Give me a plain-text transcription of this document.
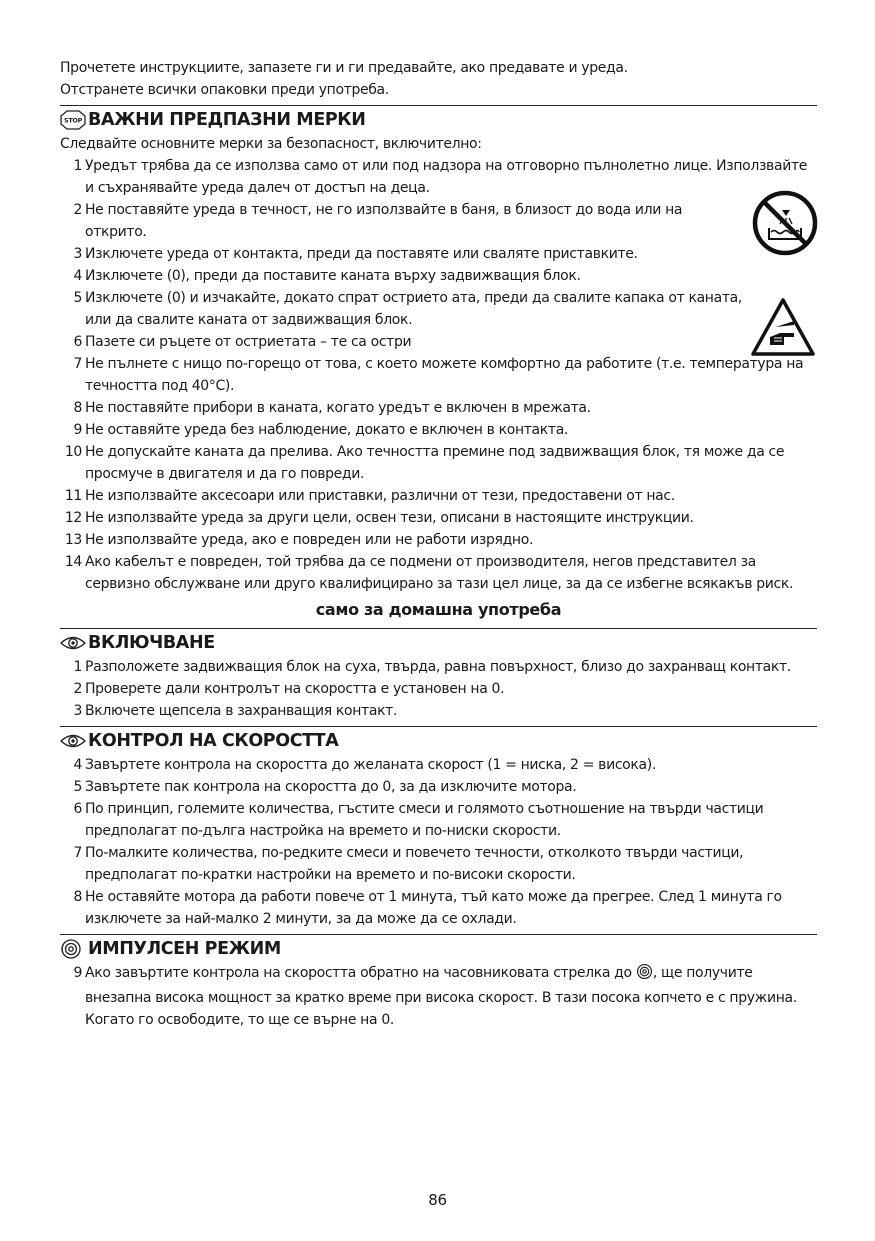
Прочетете инструкциите, запазете ги и ги предавайте, ако предавате и уреда.

Отстранете всички опаковки преди употреба.

STOP ВАЖНИ ПРЕДПАЗНИ МЕРКИ
Следвайте основните мерки за безопасност, включително:
1 Уредът трябва да се използва само от или под надзора на отговорно пълнолетно лице. Използвайте и съхранявайте уреда далеч от достъп на деца.
2 Не поставяйте уреда в течност, не го използвайте в баня, в близост до вода или на открито.
3 Изключете уреда от контакта, преди да поставяте или сваляте приставките.
4 Изключете (0), преди да поставите каната върху задвижващия блок.
5 Изключете (0) и изчакайте, докато спрат острието ата, преди да свалите капака от каната, или да свалите каната от задвижващия блок.
6 Пазете си ръцете от остриетата – те са остри
7 Не пълнете с нищо по-горещо от това, с което можете комфортно да работите (т.е. температура на течността под 40°C).
8 Не поставяйте прибори в каната, когато уредът е включен в мрежата.
9 Не оставяйте уреда без наблюдение, докато е включен в контакта.
10 Не допускайте каната да прелива. Ако течността премине под задвижващия блок, тя може да се просмуче в двигателя и да го повреди.
11 Не използвайте аксесоари или приставки, различни от тези, предоставени от нас.
12 Не използвайте уреда за други цели, освен тези, описани в настоящите инструкции.
13 Не използвайте уреда, ако е повреден или не работи изрядно.
14 Ако кабелът е повреден, той трябва да се подмени от производителя, негов представител за сервизно обслужване или друго квалифицирано за тази цел лице, за да се избегне всякакъв риск.
само за домашна употреба
ВКЛЮЧВАНЕ
1 Разположете задвижващия блок на суха, твърда, равна повърхност, близо до захранващ контакт.
2 Проверете дали контролът на скоростта е установен на 0.
3 Включете щепсела в захранващия контакт.
КОНТРОЛ НА СКОРОСТТА
4 Завъртете контрола на скоростта до желаната скорост (1 = ниска, 2 = висока).
5 Завъртете пак контрола на скоростта до 0, за да изключите мотора.
6 По принцип, големите количества, гъстите смеси и голямото съотношение на твърди частици предполагат по-дълга настройка на времето и по-ниски скорости.
7 По-малките количества, по-редките смеси и повечето течности, отколкото твърди частици, предполагат по-кратки настройки на времето и по-високи скорости.
8 Не оставяйте мотора да работи повече от 1 минута, тъй като може да прегрее. След 1 минута го изключете за най-малко 2 минути, за да може да се охлади.
ИМПУЛСЕН РЕЖИМ
9 Ако завъртите контрола на скоростта обратно на часовниковата стрелка до , ще получите внезапна висока мощност за кратко време при висока скорост. В тази посока копчето е с пружина. Когато го освободите, то ще се върне на 0.
86
